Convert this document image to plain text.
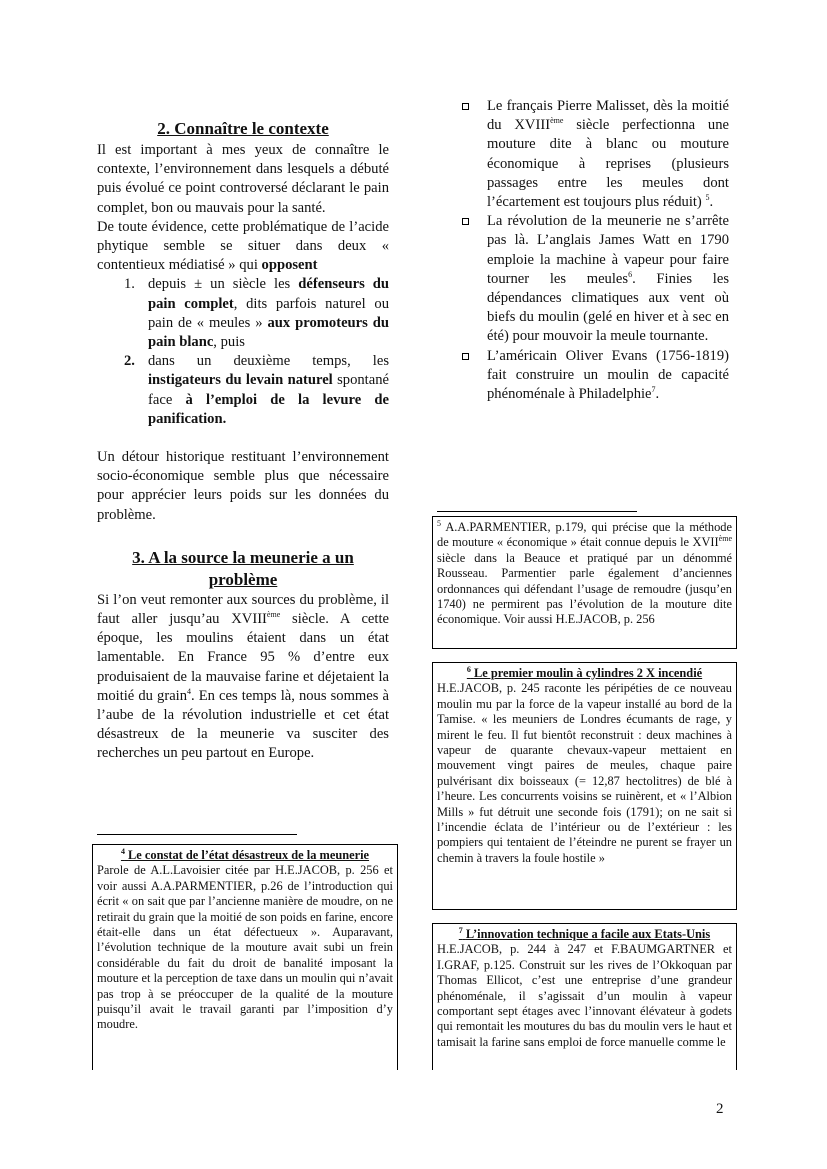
2. Connaître le contexte

Il est important à mes yeux de connaître le contexte, l’environnement dans lesquels a débuté puis évolué ce point controversé déclarant le pain complet, bon ou mauvais pour la santé.

De toute évidence, cette problématique de l’acide phytique semble se situer dans deux « contentieux médiatisé » qui opposent

1. depuis ± un siècle les défenseurs du pain complet, dits parfois naturel ou pain de « meules » aux promoteurs du pain blanc, puis
2. dans un deuxième temps, les instigateurs du levain naturel spontané face à l’emploi de la levure de panification.

Un détour historique restituant l’environnement socio-économique semble plus que nécessaire pour apprécier leurs poids sur les données du problème.

3. A la source la meunerie a un problème

Si l’on veut remonter aux sources du problème, il faut aller jusqu’au XVIIIème siècle. A cette époque, les moulins étaient dans un état lamentable. En France 95 % d’entre eux produisaient de la mauvaise farine et déjetaient la moitié du grain$^4$. En ces temps là, nous sommes à l’aube de la révolution industrielle et cet état désastreux de la meunerie va susciter des recherches un peu partout en Europe.

Le français Pierre Malisset, dès la moitié du XVIIIème siècle perfectionna une mouture dite à blanc ou mouture économique à reprises (plusieurs passages entre les meules dont l’écartement est toujours plus réduit) $^5$.
La révolution de la meunerie ne s’arrête pas là. L’anglais James Watt en 1790 emploie la machine à vapeur pour faire tourner les meules$^6$. Finies les dépendances climatiques aux vent où biefs du moulin (gelé en hiver et à sec en été) pour mouvoir la meule tournante.
L’américain Oliver Evans (1756-1819) fait construire un moulin de capacité phénoménale à Philadelphie$^7$.
$^4$ Le constat de l’état désastreux de la meunerie
Parole de A.L.Lavoisier citée par H.E.JACOB, p. 256 et voir aussi A.A.PARMENTIER, p.26 de l’introduction qui écrit « on sait que par l’ancienne manière de moudre, on ne retirait du grain que la moitié de son poids en farine, encore était-elle dans un état défectueux ». Auparavant, l’évolution technique de la mouture avait subi un frein considérable du fait du droit de banalité imposant la mouture et la perception de taxe dans un moulin qui n’avait pas trop à se préoccuper de la qualité de la mouture puisqu’il avait le travail garanti par l’imposition d’y moudre.
$^5$ A.A.PARMENTIER, p.179, qui précise que la méthode de mouture « économique » était connue depuis le XVIIème siècle dans la Beauce et pratiqué par un dénommé Rousseau. Parmentier parle également d’anciennes ordonnances qui défendant l’usage de remoudre (jusqu’en 1740) ne permirent pas l’évolution de la mouture dite économique. Voir aussi H.E.JACOB, p. 256
$^6$ Le premier moulin à cylindres 2 X incendié
H.E.JACOB, p. 245 raconte les péripéties de ce nouveau moulin mu par la force de la vapeur installé au bord de la Tamise. « les meuniers de Londres écumants de rage, y mirent le feu. Il fut bientôt reconstruit : deux machines à vapeur de quarante chevaux-vapeur mettaient en mouvement vingt paires de meules, chaque paire pulvérisant dix boisseaux (= 12,87 hectolitres) de blé à l’heure. Les concurrents voisins se ruinèrent, et « l’Albion Mills » fut détruit une seconde fois (1791); on ne sait si l’incendie éclata de l’intérieur ou de l’extérieur : les pompiers qui tentaient de l’éteindre ne purent se frayer un chemin à travers la foule hostile »
$^7$ L’innovation technique a facile aux Etats-Unis
H.E.JACOB, p. 244 à 247 et F.BAUMGARTNER et I.GRAF, p.125. Construit sur les rives de l’Okkoquan par Thomas Ellicot, c’est une entreprise d’une grandeur phénoménale, il s’agissait d’un moulin à vapeur comportant sept étages avec l’innovant élévateur à godets qui remontait les moutures du bas du moulin vers le haut et tamisait la farine sans emploi de force manuelle comme le
2
